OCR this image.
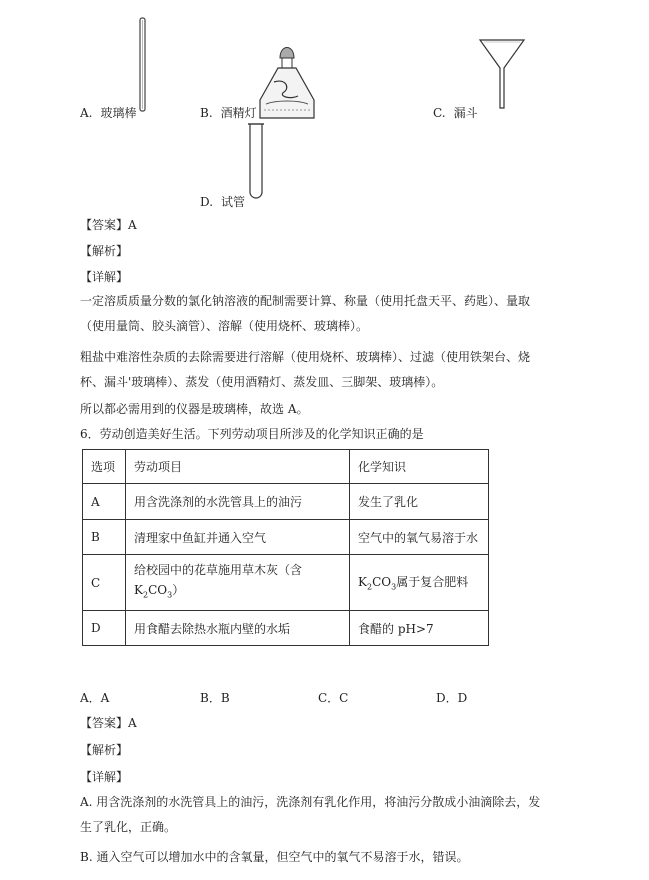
A. 玻璃棒	B. 酒精灯	C. 漏斗
D. 试管
【答案】A
【解析】
【详解】
一定溶质质量分数的氯化钠溶液的配制需要计算、称量（使用托盘天平、药匙）、量取（使用量筒、胶头滴管）、溶解（使用烧杯、玻璃棒）。
粗盐中难溶性杂质的去除需要进行溶解（使用烧杯、玻璃棒）、过滤（使用铁架台、烧杯、漏斗'玻璃棒）、蒸发（使用酒精灯、蒸发皿、三脚架、玻璃棒）。
所以都必需用到的仪器是玻璃棒，故选 A。
6．劳动创造美好生活。下列劳动项目所涉及的化学知识正确的是
选项	劳动项目	化学知识
A	用含洗涤剂的水洗管具上的油污	发生了乳化
B	清理家中鱼缸并通入空气	空气中的氧气易溶于水
C	给校园中的花草施用草木灰（含
$K_2CO_3$）	$K_2CO_3$属于复合肥料
D	用食醋去除热水瓶内壁的水垢	食醋的 pH>7
A．A	B．B	C．C	D．D
【答案】A
【解析】
【详解】
A. 用含洗涤剂的水洗管具上的油污，洗涤剂有乳化作用，将油污分散成小油滴除去，发生了乳化，正确。
B. 通入空气可以增加水中的含氧量，但空气中的氧气不易溶于水，错误。
